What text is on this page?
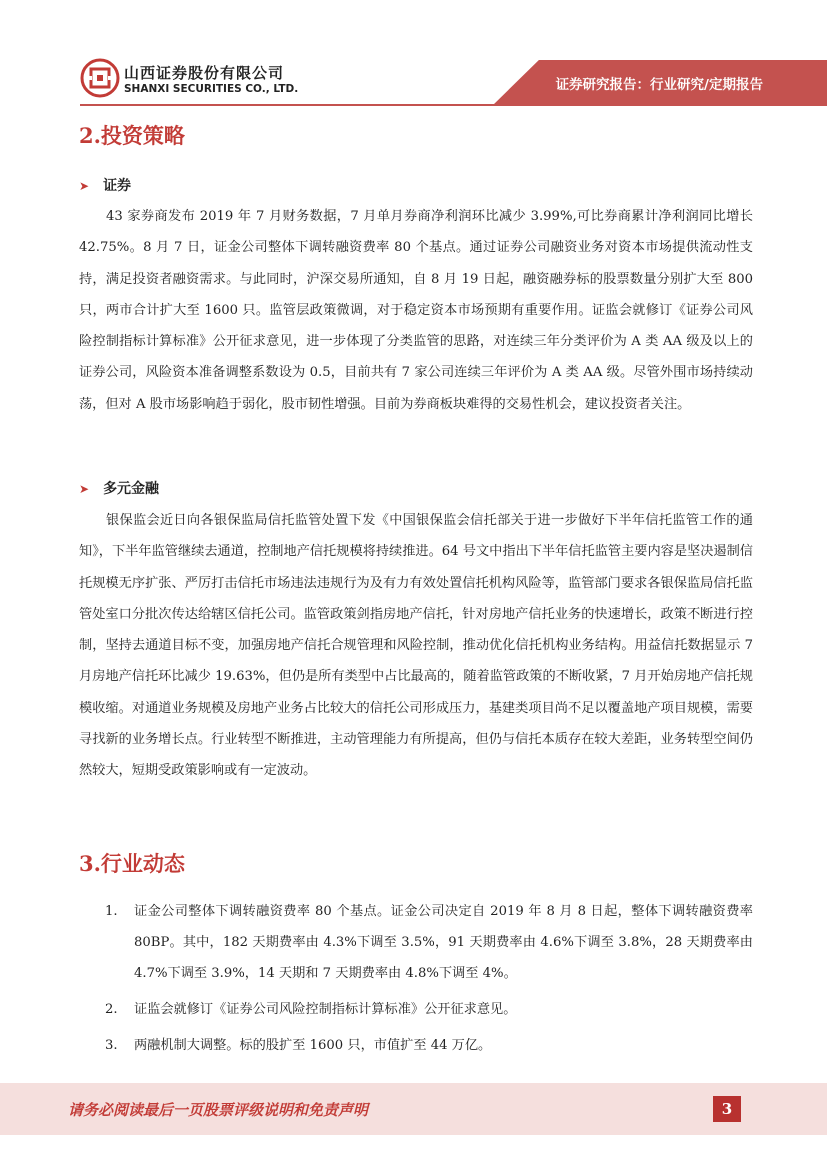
山西证券股份有限公司
SHANXI SECURITIES CO., LTD.	证券研究报告：行业研究/定期报告
2.投资策略
➤ 证券
43 家券商发布 2019 年 7 月财务数据，7 月单月券商净利润环比减少 3.99%,可比券商累计净利润同比增长 42.75%。8 月 7 日，证金公司整体下调转融资费率 80 个基点。通过证券公司融资业务对资本市场提供流动性支持，满足投资者融资需求。与此同时，沪深交易所通知，自 8 月 19 日起，融资融券标的股票数量分别扩大至 800 只，两市合计扩大至 1600 只。监管层政策微调，对于稳定资本市场预期有重要作用。证监会就修订《证券公司风险控制指标计算标准》公开征求意见，进一步体现了分类监管的思路，对连续三年分类评价为 A 类 AA 级及以上的证券公司，风险资本准备调整系数设为 0.5，目前共有 7 家公司连续三年评价为 A 类 AA 级。尽管外围市场持续动荡，但对 A 股市场影响趋于弱化，股市韧性增强。目前为券商板块难得的交易性机会，建议投资者关注。
➤ 多元金融
银保监会近日向各银保监局信托监管处置下发《中国银保监会信托部关于进一步做好下半年信托监管工作的通知》，下半年监管继续去通道，控制地产信托规模将持续推进。64 号文中指出下半年信托监管主要内容是坚决遏制信托规模无序扩张、严厉打击信托市场违法违规行为及有力有效处置信托机构风险等，监管部门要求各银保监局信托监管处室口分批次传达给辖区信托公司。监管政策剑指房地产信托，针对房地产信托业务的快速增长，政策不断进行控制，坚持去通道目标不变，加强房地产信托合规管理和风险控制，推动优化信托机构业务结构。用益信托数据显示 7 月房地产信托环比减少 19.63%，但仍是所有类型中占比最高的，随着监管政策的不断收紧，7 月开始房地产信托规模收缩。对通道业务规模及房地产业务占比较大的信托公司形成压力，基建类项目尚不足以覆盖地产项目规模，需要寻找新的业务增长点。行业转型不断推进，主动管理能力有所提高，但仍与信托本质存在较大差距，业务转型空间仍然较大，短期受政策影响或有一定波动。
3.行业动态
1. 证金公司整体下调转融资费率 80 个基点。证金公司决定自 2019 年 8 月 8 日起，整体下调转融资费率 80BP。其中，182 天期费率由 4.3%下调至 3.5%，91 天期费率由 4.6%下调至 3.8%，28 天期费率由 4.7%下调至 3.9%，14 天期和 7 天期费率由 4.8%下调至 4%。
2. 证监会就修订《证券公司风险控制指标计算标准》公开征求意见。
3. 两融机制大调整。标的股扩至 1600 只，市值扩至 44 万亿。
请务必阅读最后一页股票评级说明和免责声明	3
